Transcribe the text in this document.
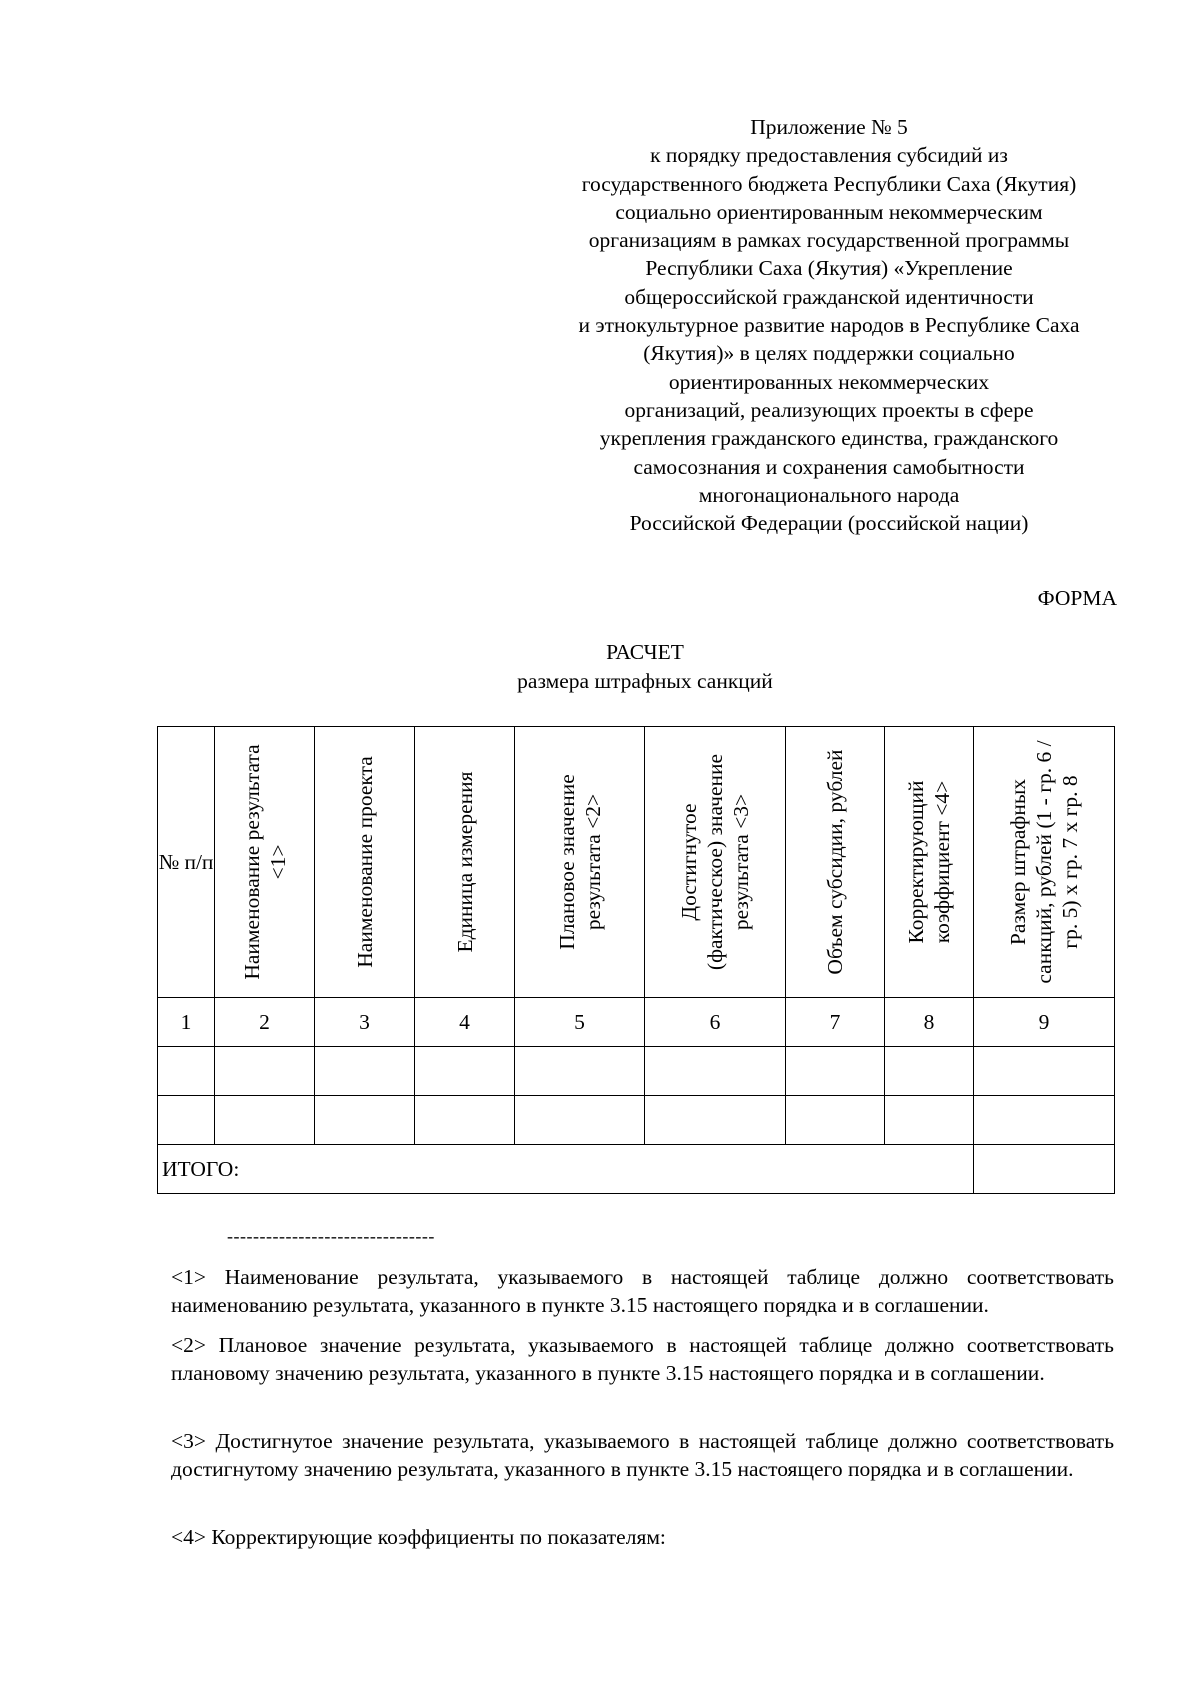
Приложение № 5
к порядку предоставления субсидий из
государственного бюджета Республики Саха (Якутия)
социально ориентированным некоммерческим
организациям в рамках государственной программы
Республики Саха (Якутия) «Укрепление
общероссийской гражданской идентичности
и этнокультурное развитие народов в Республике Саха
(Якутия)» в целях поддержки социально
ориентированных некоммерческих
организаций, реализующих проекты в сфере
укрепления гражданского единства, гражданского
самосознания и сохранения самобытности
многонационального народа
Российской Федерации (российской нации)
ФОРМА
РАСЧЕТ
размера штрафных санкций
№ п/п	Наименование результата <1>	Наименование проекта	Единица измерения	Плановое значение результата <2>	Достигнутое (фактическое) значение результата <3>	Объем субсидии, рублей	Корректирующий коэффициент <4>	Размер штрафных санкций, рублей (1 - гр. 6 / гр. 5) x гр. 7 x гр. 8

1	2	3	4	5	6	7	8	9

ИТОГО:								
--------------------------------
<1> Наименование результата, указываемого в настоящей таблице должно соответствовать наименованию результата, указанного в пункте 3.15 настоящего порядка и в соглашении.
<2> Плановое значение результата, указываемого в настоящей таблице должно соответствовать плановому значению результата, указанного в пункте 3.15 настоящего порядка и в соглашении.
<3> Достигнутое значение результата, указываемого в настоящей таблице должно соответствовать достигнутому значению результата, указанного в пункте 3.15 настоящего порядка и в соглашении.
<4> Корректирующие коэффициенты по показателям:
